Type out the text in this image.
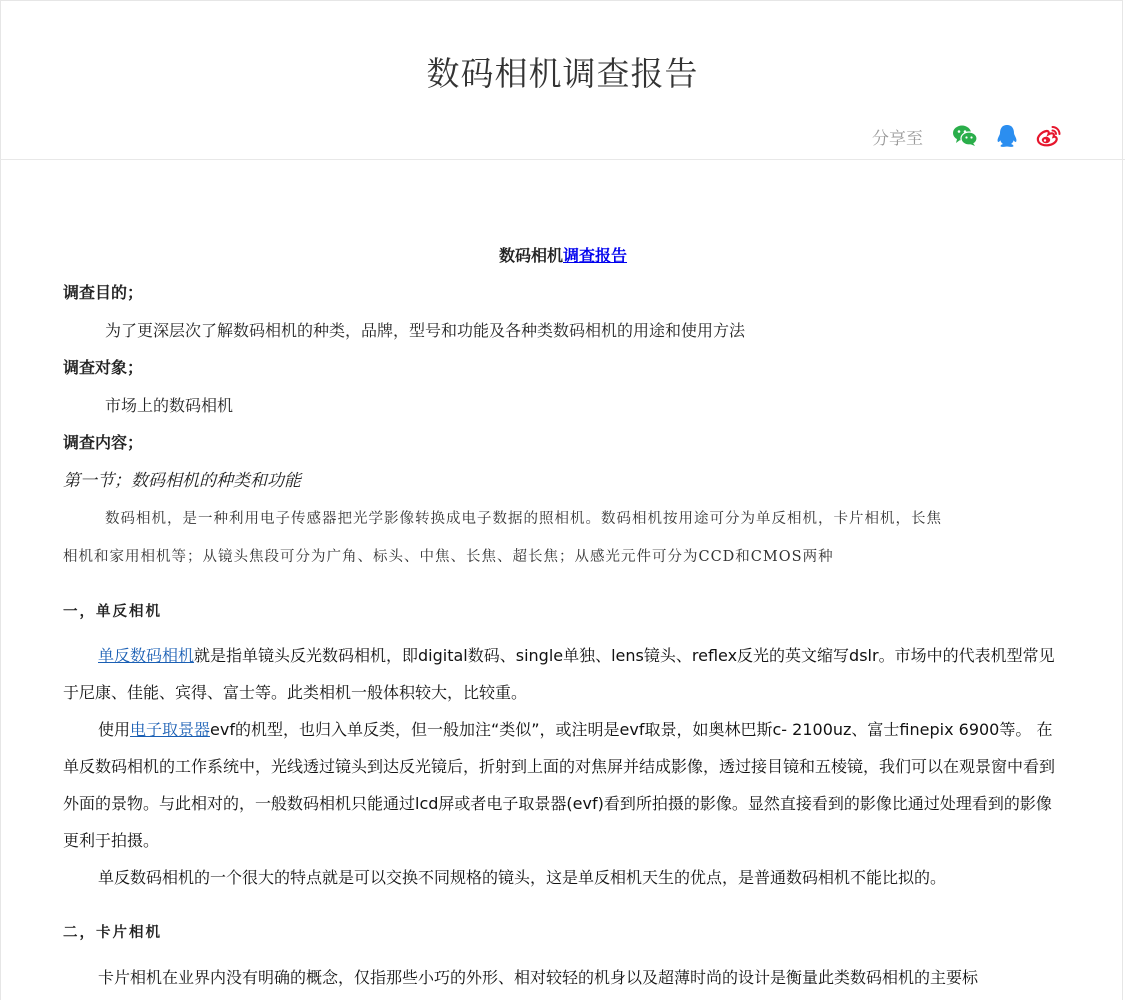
数码相机调查报告
分享至
数码相机调查报告
调查目的；
为了更深层次了解数码相机的种类，品牌，型号和功能及各种类数码相机的用途和使用方法
调查对象；
市场上的数码相机
调查内容；
第一节；数码相机的种类和功能
数码相机，是一种利用电子传感器把光学影像转换成电子数据的照相机。数码相机按用途可分为单反相机，卡片相机，长焦
相机和家用相机等；从镜头焦段可分为广角、标头、中焦、长焦、超长焦；从感光元件可分为CCD和CMOS两种
一，单反相机

单反数码相机就是指单镜头反光数码相机，即digital数码、single单独、lens镜头、reflex反光的英文缩写dslr。市场中的代表机型常见于尼康、佳能、宾得、富士等。此类相机一般体积较大，比较重。

使用电子取景器evf的机型，也归入单反类，但一般加注“类似”，或注明是evf取景，如奥林巴斯c- 2100uz、富士finepix 6900等。 在单反数码相机的工作系统中，光线透过镜头到达反光镜后，折射到上面的对焦屏并结成影像，透过接目镜和五棱镜，我们可以在观景窗中看到外面的景物。与此相对的，一般数码相机只能通过lcd屏或者电子取景器(evf)看到所拍摄的影像。显然直接看到的影像比通过处理看到的影像更利于拍摄。

单反数码相机的一个很大的特点就是可以交换不同规格的镜头，这是单反相机天生的优点，是普通数码相机不能比拟的。

二，卡片相机

卡片相机在业界内没有明确的概念，仅指那些小巧的外形、相对较轻的机身以及超薄时尚的设计是衡量此类数码相机的主要标
